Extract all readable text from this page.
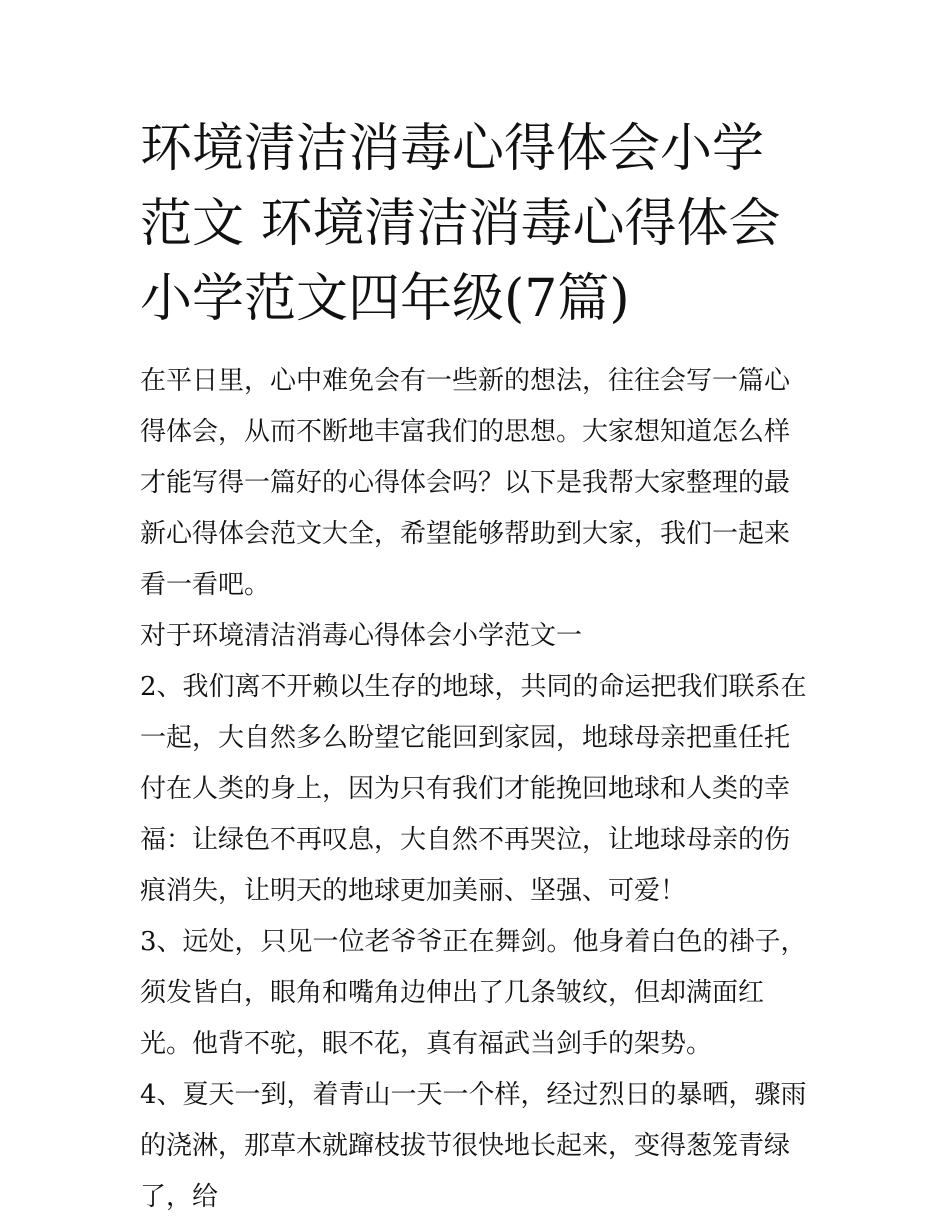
环境清洁消毒心得体会小学范文 环境清洁消毒心得体会小学范文四年级(7篇)

在平日里，心中难免会有一些新的想法，往往会写一篇心得体会，从而不断地丰富我们的思想。大家想知道怎么样才能写得一篇好的心得体会吗？以下是我帮大家整理的最新心得体会范文大全，希望能够帮助到大家，我们一起来看一看吧。

对于环境清洁消毒心得体会小学范文一

2、我们离不开赖以生存的地球，共同的命运把我们联系在一起，大自然多么盼望它能回到家园，地球母亲把重任托付在人类的身上，因为只有我们才能挽回地球和人类的幸福：让绿色不再叹息，大自然不再哭泣，让地球母亲的伤痕消失，让明天的地球更加美丽、坚强、可爱！

3、远处，只见一位老爷爷正在舞剑。他身着白色的褂子，须发皆白，眼角和嘴角边伸出了几条皱纹，但却满面红光。他背不驼，眼不花，真有福武当剑手的架势。

4、夏天一到，着青山一天一个样，经过烈日的暴晒，骤雨的浇淋，那草木就蹿枝拔节很快地长起来，变得葱笼青绿了，给
